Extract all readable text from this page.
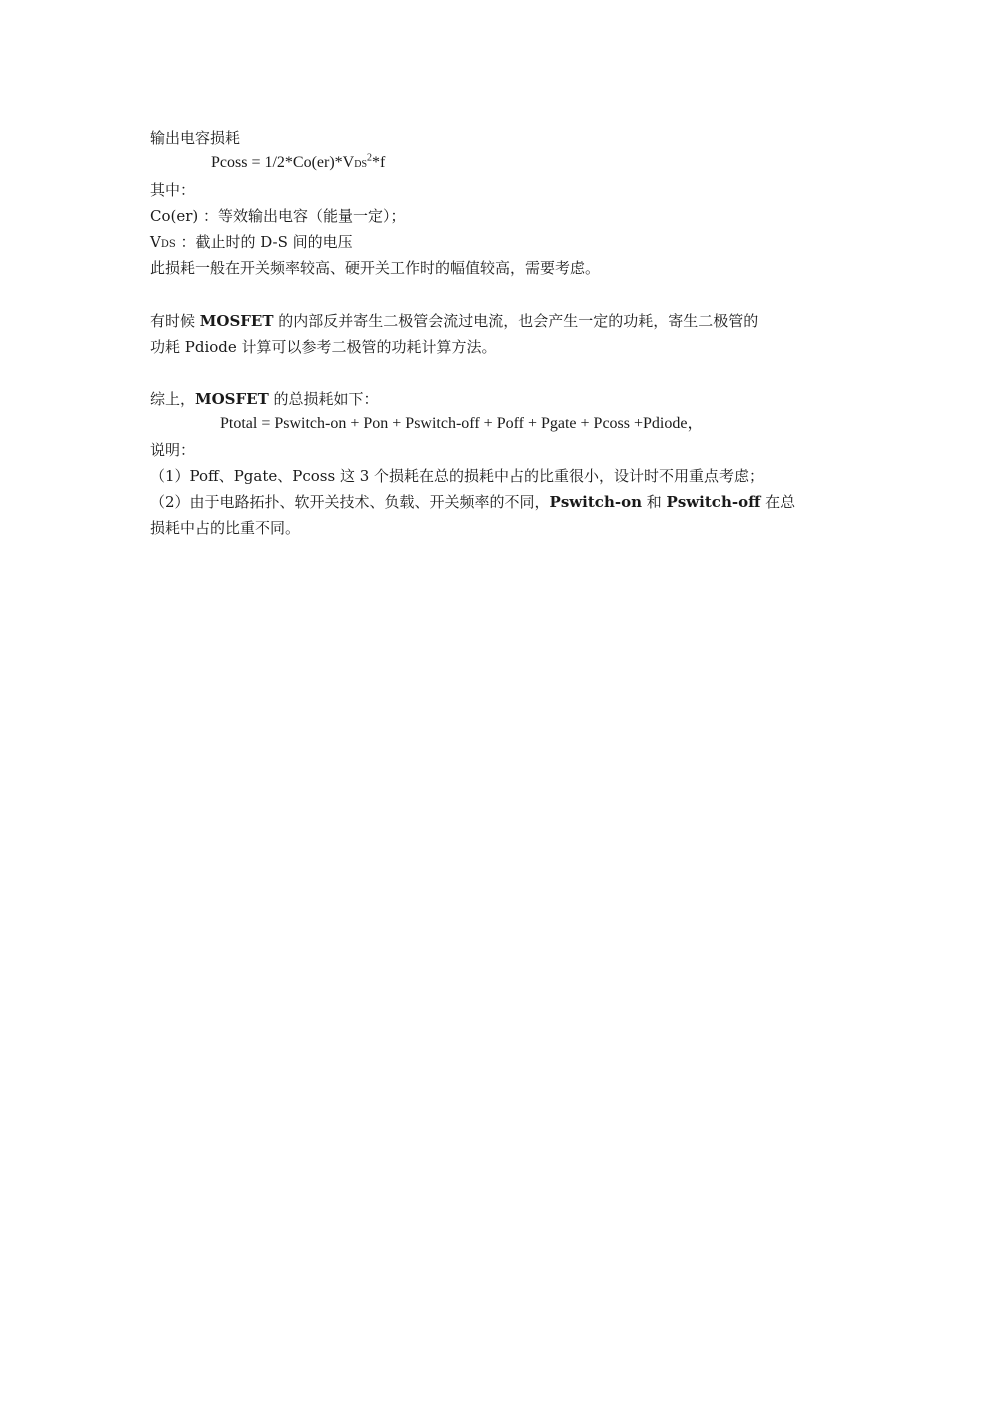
输出电容损耗
$Pcoss = 1/2*Co(er)*VDS^2*f$
其中：
Co(er) ：等效输出电容（能量一定）；
VDS ：截止时的 D-S 间的电压
此损耗一般在开关频率较高、硬开关工作时的幅值较高，需要考虑。
有时候 MOSFET 的内部反并寄生二极管会流过电流，也会产生一定的功耗，寄生二极管的
功耗 Pdiode 计算可以参考二极管的功耗计算方法。
综上，MOSFET 的总损耗如下：
Ptotal = Pswitch-on + Pon + Pswitch-off + Poff + Pgate + Pcoss +Pdiode，
说明：
（1）Poff、Pgate、Pcoss 这 3 个损耗在总的损耗中占的比重很小，设计时不用重点考虑；
（2）由于电路拓扑、软开关技术、负载、开关频率的不同，Pswitch-on 和 Pswitch-off 在总
损耗中占的比重不同。
